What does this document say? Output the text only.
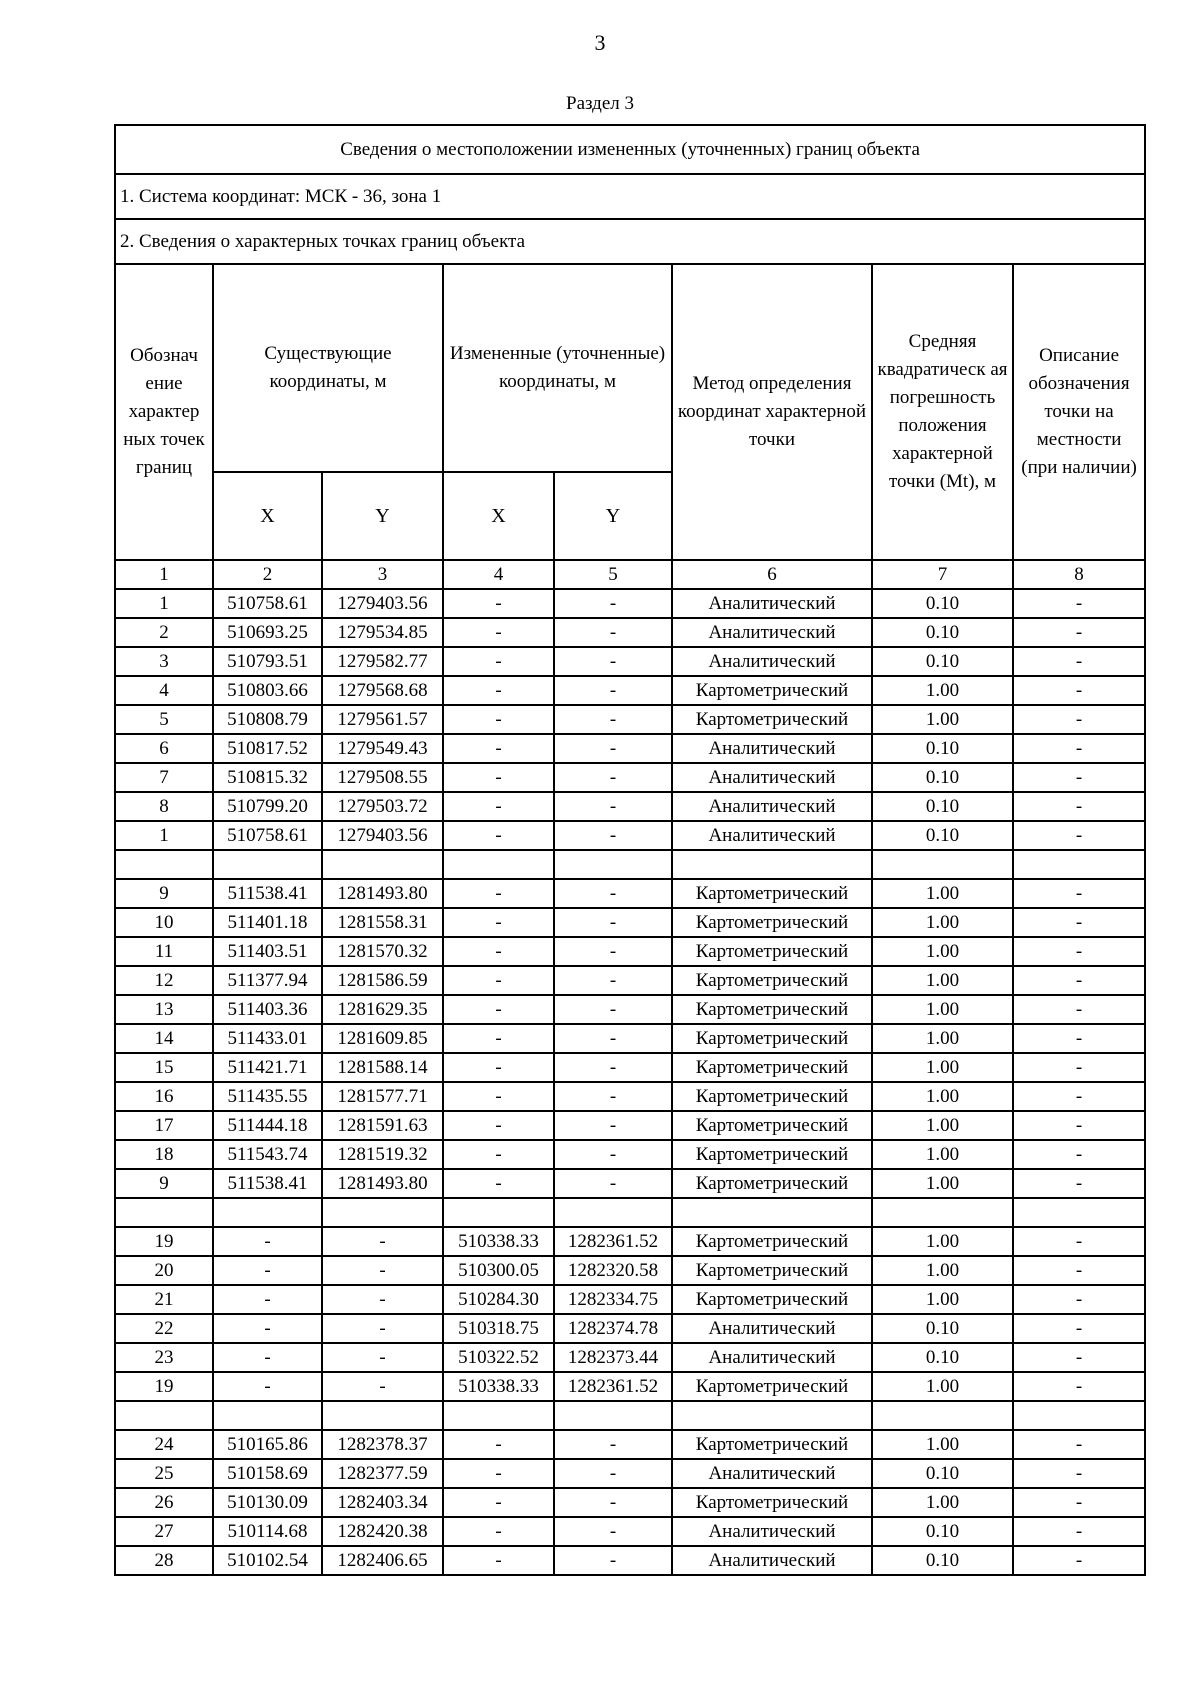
3
Раздел 3
Сведения о местоположении измененных (уточненных) границ объекта							
1. Система координат: МСК - 36, зона 1							
2. Сведения о характерных точках границ объекта							
Обознач ение характер ных точек границ	Существующие координаты, м		Измененные (уточненные) координаты, м		Метод определения координат характерной точки	Средняя квадратическ ая погрешность положения характерной точки (Mt), м	Описание обозначения точки на местности (при наличии)
	X	Y	X	Y			
1	2	3	4	5	6	7	8
1	510758.61	1279403.56	-	-	Аналитический	0.10	-
2	510693.25	1279534.85	-	-	Аналитический	0.10	-
3	510793.51	1279582.77	-	-	Аналитический	0.10	-
4	510803.66	1279568.68	-	-	Картометрический	1.00	-
5	510808.79	1279561.57	-	-	Картометрический	1.00	-
6	510817.52	1279549.43	-	-	Аналитический	0.10	-
7	510815.32	1279508.55	-	-	Аналитический	0.10	-
8	510799.20	1279503.72	-	-	Аналитический	0.10	-
1	510758.61	1279403.56	-	-	Аналитический	0.10	-

9	511538.41	1281493.80	-	-	Картометрический	1.00	-
10	511401.18	1281558.31	-	-	Картометрический	1.00	-
11	511403.51	1281570.32	-	-	Картометрический	1.00	-
12	511377.94	1281586.59	-	-	Картометрический	1.00	-
13	511403.36	1281629.35	-	-	Картометрический	1.00	-
14	511433.01	1281609.85	-	-	Картометрический	1.00	-
15	511421.71	1281588.14	-	-	Картометрический	1.00	-
16	511435.55	1281577.71	-	-	Картометрический	1.00	-
17	511444.18	1281591.63	-	-	Картометрический	1.00	-
18	511543.74	1281519.32	-	-	Картометрический	1.00	-
9	511538.41	1281493.80	-	-	Картометрический	1.00	-

19	-	-	510338.33	1282361.52	Картометрический	1.00	-
20	-	-	510300.05	1282320.58	Картометрический	1.00	-
21	-	-	510284.30	1282334.75	Картометрический	1.00	-
22	-	-	510318.75	1282374.78	Аналитический	0.10	-
23	-	-	510322.52	1282373.44	Аналитический	0.10	-
19	-	-	510338.33	1282361.52	Картометрический	1.00	-

24	510165.86	1282378.37	-	-	Картометрический	1.00	-
25	510158.69	1282377.59	-	-	Аналитический	0.10	-
26	510130.09	1282403.34	-	-	Картометрический	1.00	-
27	510114.68	1282420.38	-	-	Аналитический	0.10	-
28	510102.54	1282406.65	-	-	Аналитический	0.10	-
